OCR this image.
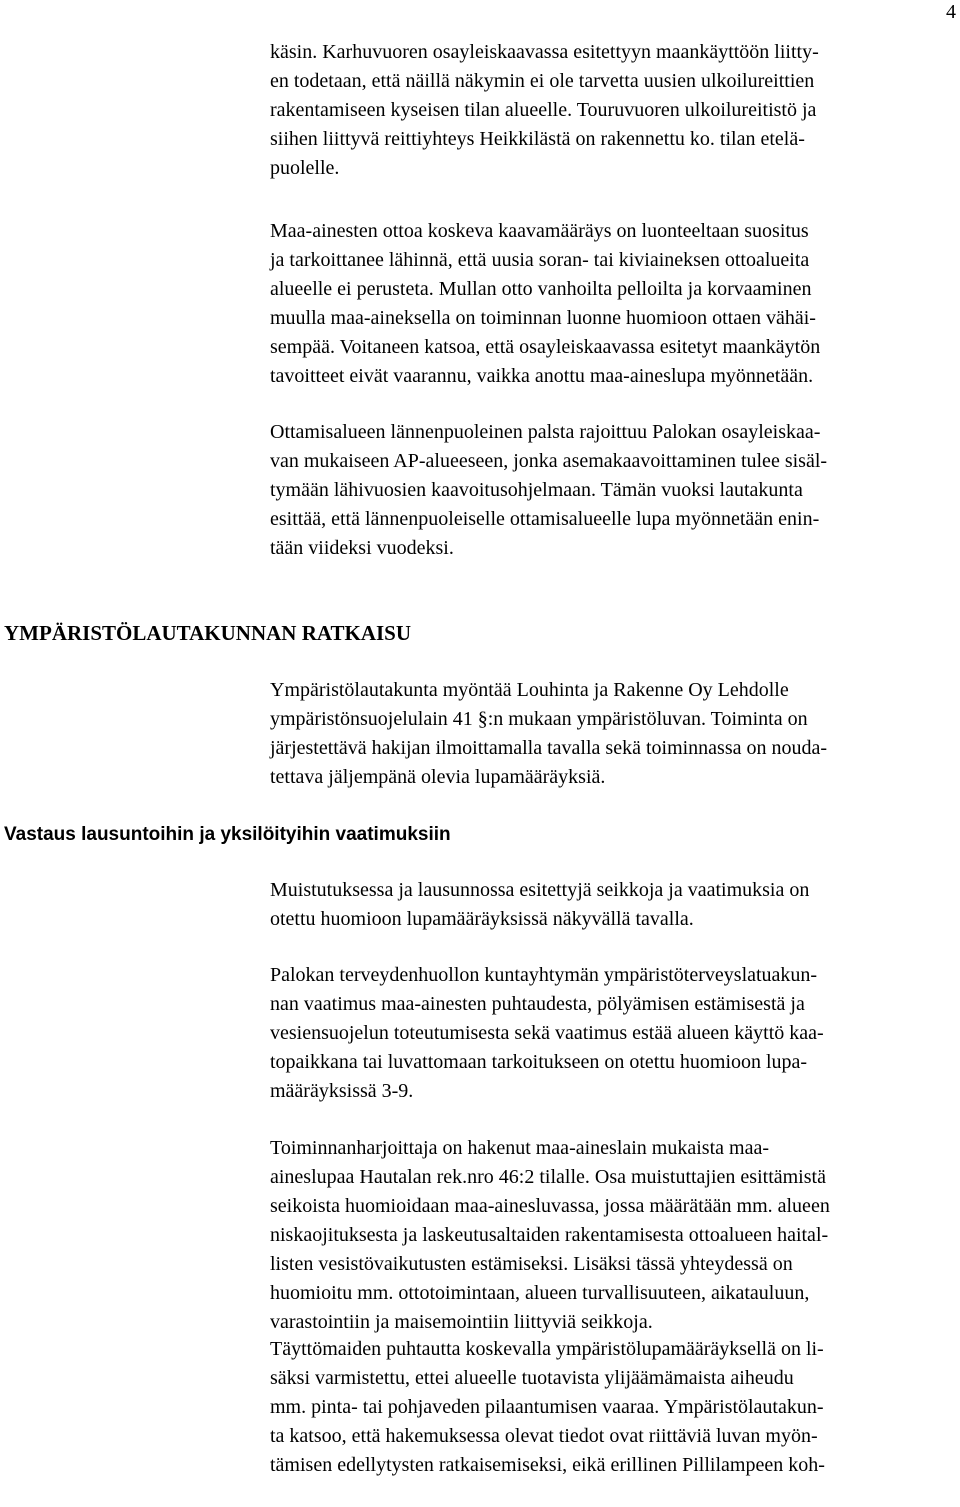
4

käsin. Karhuvuoren osayleiskaavassa esitettyyn maankäyttöön liitty-
en todetaan, että näillä näkymin ei ole tarvetta uusien ulkoilureittien
rakentamiseen kyseisen tilan alueelle. Touruvuoren ulkoilureitistö ja
siihen liittyvä reittiyhteys Heikkilästä on rakennettu ko. tilan etelä-
puolelle.

Maa-ainesten ottoa koskeva kaavamääräys on luonteeltaan suositus
ja tarkoittanee lähinnä, että uusia soran- tai kiviaineksen ottoalueita
alueelle ei perusteta. Mullan otto vanhoilta pelloilta ja korvaaminen
muulla maa-aineksella on toiminnan luonne huomioon ottaen vähäi-
sempää. Voitaneen katsoa, että osayleiskaavassa esitetyt maankäytön
tavoitteet eivät vaarannu, vaikka anottu maa-aineslupa myönnetään.

Ottamisalueen lännenpuoleinen palsta rajoittuu Palokan osayleiskaa-
van mukaiseen AP-alueeseen, jonka asemakaavoittaminen tulee sisäl-
tymään lähivuosien kaavoitusohjelmaan. Tämän vuoksi lautakunta
esittää, että lännenpuoleiselle ottamisalueelle lupa myönnetään enin-
tään viideksi vuodeksi.

YMPÄRISTÖLAUTAKUNNAN RATKAISU

Ympäristölautakunta myöntää Louhinta ja Rakenne Oy Lehdolle
ympäristönsuojelulain 41 §:n mukaan ympäristöluvan. Toiminta on
järjestettävä hakijan ilmoittamalla tavalla sekä toiminnassa on nouda-
tettava jäljempänä olevia lupamääräyksiä.

Vastaus lausuntoihin ja yksilöityihin vaatimuksiin

Muistutuksessa ja lausunnossa esitettyjä seikkoja ja vaatimuksia on
otettu huomioon lupamääräyksissä näkyvällä tavalla.

Palokan terveydenhuollon kuntayhtymän ympäristöterveyslatuakun-
nan vaatimus maa-ainesten puhtaudesta, pölyämisen estämisestä ja
vesiensuojelun toteutumisesta sekä vaatimus estää alueen käyttö kaa-
topaikkana tai luvattomaan tarkoitukseen on otettu huomioon lupa-
määräyksissä 3-9.

Toiminnanharjoittaja on hakenut maa-aineslain mukaista maa-
aineslupaa Hautalan rek.nro 46:2 tilalle. Osa muistuttajien esittämistä
seikoista huomioidaan maa-ainesluvassa, jossa määrätään mm. alueen
niskaojituksesta ja laskeutusaltaiden rakentamisesta ottoalueen haital-
listen vesistövaikutusten estämiseksi. Lisäksi tässä yhteydessä on
huomioitu mm. ottotoimintaan, alueen turvallisuuteen, aikatauluun,
varastointiin ja maisemointiin liittyviä seikkoja.

Täyttömaiden puhtautta koskevalla ympäristölupamääräyksellä on li-
säksi varmistettu, ettei alueelle tuotavista ylijäämämaista aiheudu
mm. pinta- tai pohjaveden pilaantumisen vaaraa. Ympäristölautakun-
ta katsoo, että hakemuksessa olevat tiedot ovat riittäviä luvan myön-
tämisen edellytysten ratkaisemiseksi, eikä erillinen Pillilampeen koh-
